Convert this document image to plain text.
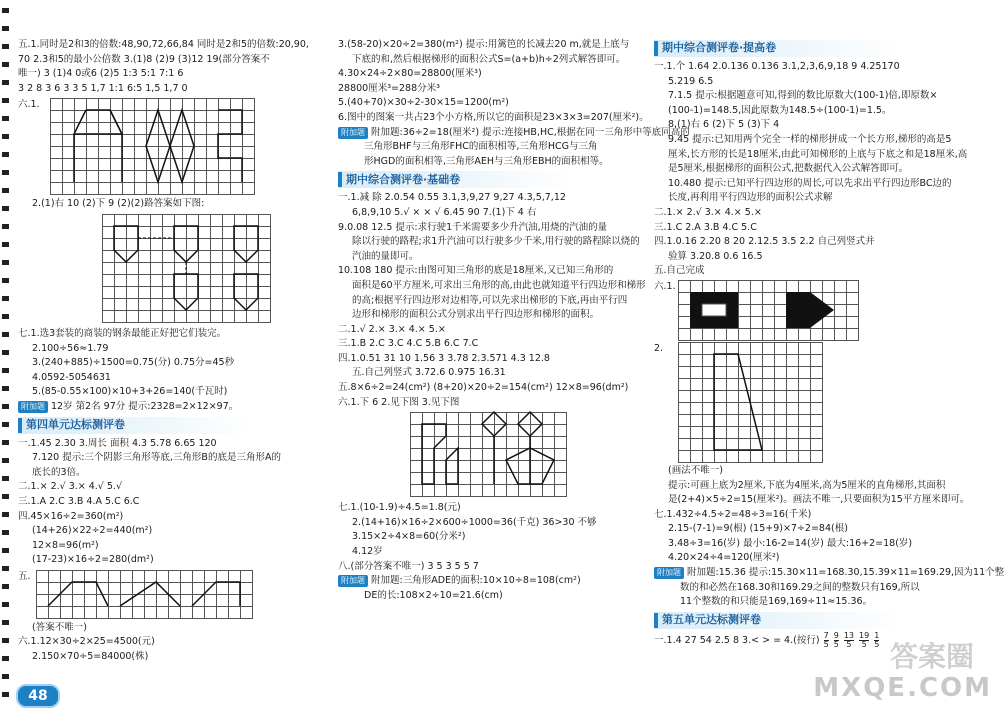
五.1.同时是2和3的倍数:48,90,72,66,84 同时是2和5的倍数:20,90,
70 2.3和5的最小公倍数 3.(1)8 (2)9 (3)12 19(部分答案不
唯一) 3 (1)4 0或6 (2)5 1:3 5:1 7:1 6
3 2 8 3 6 3 3 5 1,7 1:1 6:5 1,5 1,7 0
六.1.
2.(1)右 10 (2)下 9 (2)(2)路答案如下图:
七.1.选3套装的商装的钢条最能正好把它们装完。
2.100÷56≈1.79
3.(240+885)÷1500=0.75(分) 0.75分=45秒
4.0592-5054631
5.(85-0.55×100)×10+3+26=140(千瓦时)
附加题 12岁 第2名 97分 提示:2328=2×12×97。
第四单元达标测评卷
一.1.45 2.30 3.周长 面积 4.3 5.78 6.65 120
7.120 提示:三个阴影三角形等底,三角形B的底是三角形A的
底长的3倍。
二.1.× 2.√ 3.× 4.√ 5.√
三.1.A 2.C 3.B 4.A 5.C 6.C
四.45×16÷2=360(m²)
(14+26)×22÷2=440(m²)
12×8=96(m²)
(17-23)×16÷2=280(dm²)
五.
(答案不唯一)
六.1.12×30÷2×25=4500(元)
2.150×70÷5=84000(株)
3.(58-20)×20÷2=380(m²) 提示:用篱笆的长减去20 m,就是上底与
下底的和,然后根据梯形的面积公式S=(a+b)h÷2列式解答即可。
4.30×24÷2×80=28800(厘米³)
28800厘米³=288分米³
5.(40+70)×30÷2-30×15=1200(m²)
6.图中的图案一共占23个小方格,所以它的面积是23×3×3=207(厘米²)。
附加题 附加题:36÷2=18(厘米²) 提示:连接HB,HC,根据在同一三角形中等底同高的
三角形BHF与三角形FHC的面积相等,三角形HCG与三角
形HGD的面积相等,三角形AEH与三角形EBH的面积相等。
期中综合测评卷·基础卷
一.1.减 除 2.0.54 0.55 3.1,3,9,27 9,27 4.3,5,7,12
6,8,9,10 5.√ × × √ 6.45 90 7.(1)下 4 右
9.0.08 12.5 提示:求行驶1千米需要多少升汽油,用烧的汽油的量
除以行驶的路程;求1升汽油可以行驶多少千米,用行驶的路程除以烧的
汽油的量即可。
10.108 180 提示:由图可知三角形的底是18厘米,又已知三角形的
面积是60平方厘米,可求出三角形的高,由此也就知道平行四边形和梯形
的高;根据平行四边形对边相等,可以先求出梯形的下底,再由平行四
边形和梯形的面积公式分别求出平行四边形和梯形的面积。
二.1.√ 2.× 3.× 4.× 5.×
三.1.B 2.C 3.C 4.C 5.B 6.C 7.C
四.1.0.51 31 10 1.56 3 3.78 2.3.571 4.3 12.8
五.自己列竖式 3.72.6 0.975 16.31
五.8×6÷2=24(cm²) (8+20)×20÷2=154(cm²) 12×8=96(dm²)
六.1.下 6 2.见下图 3.见下图
七.1.(10-1.9)÷4.5=1.8(元)
2.(14+16)×16÷2×600÷1000=36(千克) 36>30 不够
3.15×2÷4×8=60(分米²)
4.12岁
八.(部分答案不唯一) 3 5 3 5 5 7
附加题 附加题:三角形ADE的面积:10×10÷8=108(cm²)
DE的长:108×2÷10=21.6(cm)
期中综合测评卷·提高卷
一.1.个 1.64 2.0.136 0.136 3.1,2,3,6,9,18 9 4.25170
5.219 6.5
7.1.5 提示:根据题意可知,得到的数比原数大(100-1)倍,即原数×
(100-1)=148.5,因此原数为148.5÷(100-1)=1.5。
8.(1)右 6 (2)下 5 (3)下 4
9.45 提示:已知用两个完全一样的梯形拼成一个长方形,梯形的高是5
厘米,长方形的长是18厘米,由此可知梯形的上底与下底之和是18厘米,高
是5厘米,根据梯形的面积公式,把数据代入公式解答即可。
10.480 提示:已知平行四边形的周长,可以先求出平行四边形BC边的
长度,再利用平行四边形的面积公式求解
二.1.× 2.√ 3.× 4.× 5.×
三.1.C 2.A 3.B 4.C 5.C
四.1.0.16 2.20 8 20 2.12.5 3.5 2.2 自己列竖式并
验算 3.20.8 0.6 16.5
五.自己完成
六.1.
2.
(画法不唯一)
提示:可画上底为2厘米,下底为4厘米,高为5厘米的直角梯形,其面积
是(2+4)×5÷2=15(厘米²)。画法不唯一,只要面积为15平方厘米即可。
七.1.432÷4.5÷2=48÷3=16(千米)
2.15-(7-1)=9(根) (15+9)×7÷2=84(根)
3.48÷3=16(岁) 最小:16-2=14(岁) 最大:16+2=18(岁)
4.20×24÷4=120(厘米²)
附加题 附加题:15.36 提示:15.30×11=168.30,15.39×11=169.29,因为11个整
数的和必然在168.30和169.29之间的整数只有169,所以
11个整数的和只能是169,169÷11≈15.36。
第五单元达标测评卷
一.1.4 27 54 2.5 8 3.< > = 4.(按行) $\frac{7}{5}$
$\frac{9}{5}$
$\frac{13}{5}$
$\frac{19}{5}$
$\frac{1}{5}$
48
答案圈
MXQE.COM
